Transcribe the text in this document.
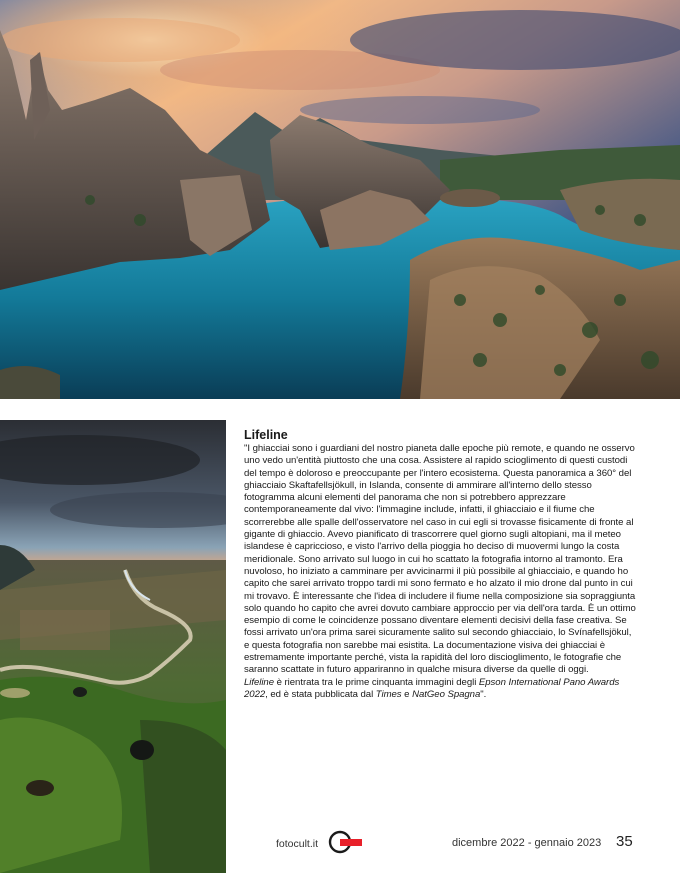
Lifeline

"I ghiacciai sono i guardiani del nostro pianeta dalle epoche più remote, e quando ne osservo uno vedo un'entità piuttosto che una cosa. Assistere al rapido scioglimento di questi custodi del tempo è doloroso e preoccupante per l'intero ecosistema. Questa panoramica a 360° del ghiacciaio Skaftafellsjökull, in Islanda, consente di ammirare all'interno dello stesso fotogramma alcuni elementi del panorama che non si potrebbero apprezzare contemporaneamente dal vivo: l'immagine include, infatti, il ghiacciaio e il fiume che scorrerebbe alle spalle dell'osservatore nel caso in cui egli si trovasse fisicamente di fronte al gigante di ghiaccio. Avevo pianificato di trascorrere quel giorno sugli altopiani, ma il meteo islandese è capriccioso, e visto l'arrivo della pioggia ho deciso di muovermi lungo la costa meridionale. Sono arrivato sul luogo in cui ho scattato la fotografia intorno al tramonto. Era nuvoloso, ho iniziato a camminare per avvicinarmi il più possibile al ghiacciaio, e quando ho capito che sarei arrivato troppo tardi mi sono fermato e ho alzato il mio drone dal punto in cui mi trovavo. È interessante che l'idea di includere il fiume nella composizione sia sopraggiunta solo quando ho capito che avrei dovuto cambiare approccio per via dell'ora tarda. È un ottimo esempio di come le coincidenze possano diventare elementi decisivi della fase creativa. Se fossi arrivato un'ora prima sarei sicuramente salito sul secondo ghiacciaio, lo Svínafellsjökul, e questa fotografia non sarebbe mai esistita. La documentazione visiva dei ghiacciai è estremamente importante perché, vista la rapidità del loro discioglimento, le fotografie che saranno scattate in futuro appariranno in qualche misura diverse da quelle di oggi.

Lifeline è rientrata tra le prime cinquanta immagini degli Epson International Pano Awards 2022, ed è stata pubblicata dal Times e NatGeo Spagna".

fotocult.it	dicembre 2022 - gennaio 2023 35
